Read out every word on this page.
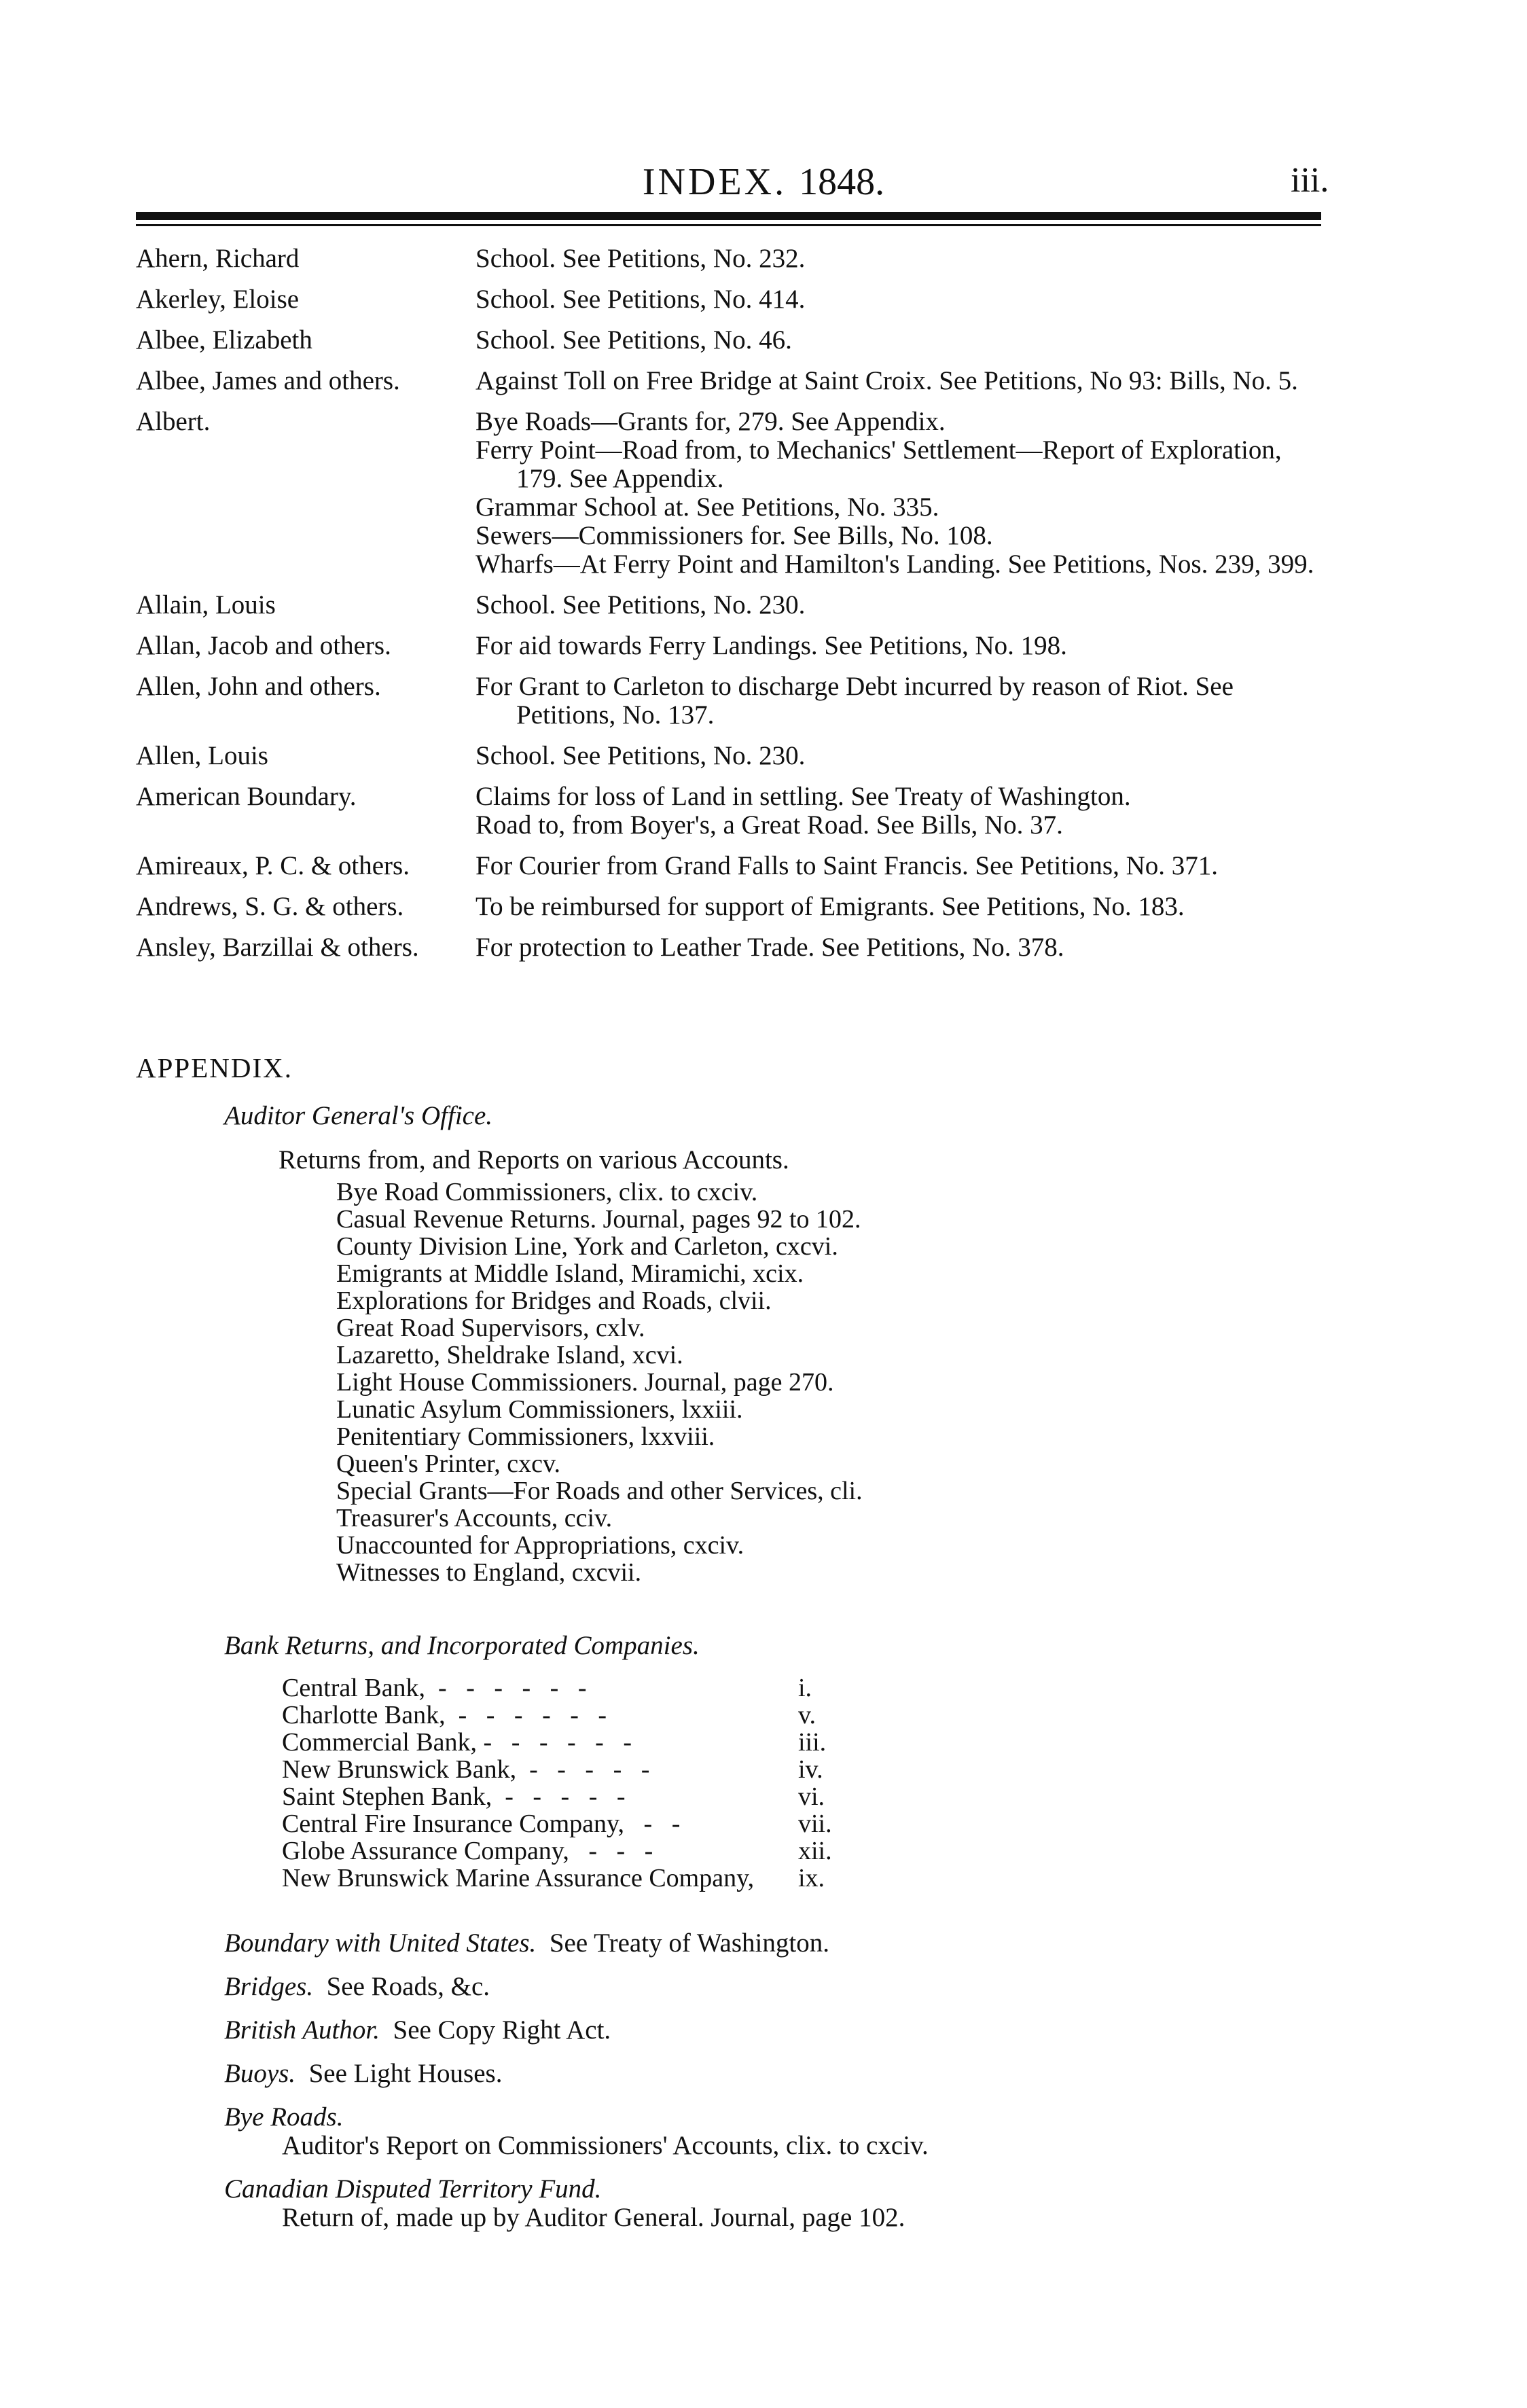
INDEX. 1848.	iii.
Ahern, Richard	School. See Petitions, No. 232.
Akerley, Eloise	School. See Petitions, No. 414.
Albee, Elizabeth	School. See Petitions, No. 46.
Albee, James and others.	Against Toll on Free Bridge at Saint Croix. See Petitions, No 93: Bills, No. 5.
Albert.	Bye Roads—Grants for, 279. See Appendix.
Ferry Point—Road from, to Mechanics' Settlement—Report of Exploration, 179. See Appendix.
Grammar School at. See Petitions, No. 335.
Sewers—Commissioners for. See Bills, No. 108.
Wharfs—At Ferry Point and Hamilton's Landing. See Petitions, Nos. 239, 399.
Allain, Louis	School. See Petitions, No. 230.
Allan, Jacob and others.	For aid towards Ferry Landings. See Petitions, No. 198.
Allen, John and others.	For Grant to Carleton to discharge Debt incurred by reason of Riot. See Petitions, No. 137.
Allen, Louis	School. See Petitions, No. 230.
American Boundary.	Claims for loss of Land in settling. See Treaty of Washington.
Road to, from Boyer's, a Great Road. See Bills, No. 37.
Amireaux, P. C. & others.	For Courier from Grand Falls to Saint Francis. See Petitions, No. 371.
Andrews, S. G. & others.	To be reimbursed for support of Emigrants. See Petitions, No. 183.
Ansley, Barzillai & others.	For protection to Leather Trade. See Petitions, No. 378.
APPENDIX.
Auditor General's Office.
Returns from, and Reports on various Accounts.
Bye Road Commissioners, clix. to cxciv.
Casual Revenue Returns. Journal, pages 92 to 102.
County Division Line, York and Carleton, cxcvi.
Emigrants at Middle Island, Miramichi, xcix.
Explorations for Bridges and Roads, clvii.
Great Road Supervisors, cxlv.
Lazaretto, Sheldrake Island, xcvi.
Light House Commissioners. Journal, page 270.
Lunatic Asylum Commissioners, lxxiii.
Penitentiary Commissioners, lxxviii.
Queen's Printer, cxcv.
Special Grants—For Roads and other Services, cli.
Treasurer's Accounts, cciv.
Unaccounted for Appropriations, cxciv.
Witnesses to England, cxcvii.
Bank Returns, and Incorporated Companies.
Central Bank,  -   -   -   -   -   -	i.
Charlotte Bank,  -   -   -   -   -   -	v.
Commercial Bank, -   -   -   -   -   -	iii.
New Brunswick Bank,  -   -   -   -   -	iv.
Saint Stephen Bank,  -   -   -   -   -	vi.
Central Fire Insurance Company,   -   -	vii.
Globe Assurance Company,   -   -   -	xii.
New Brunswick Marine Assurance Company,	ix.
Boundary with United States.  See Treaty of Washington.
Bridges.  See Roads, &c.
British Author.  See Copy Right Act.
Buoys.  See Light Houses.
Bye Roads.
Auditor's Report on Commissioners' Accounts, clix. to cxciv.
Canadian Disputed Territory Fund.
Return of, made up by Auditor General. Journal, page 102.
